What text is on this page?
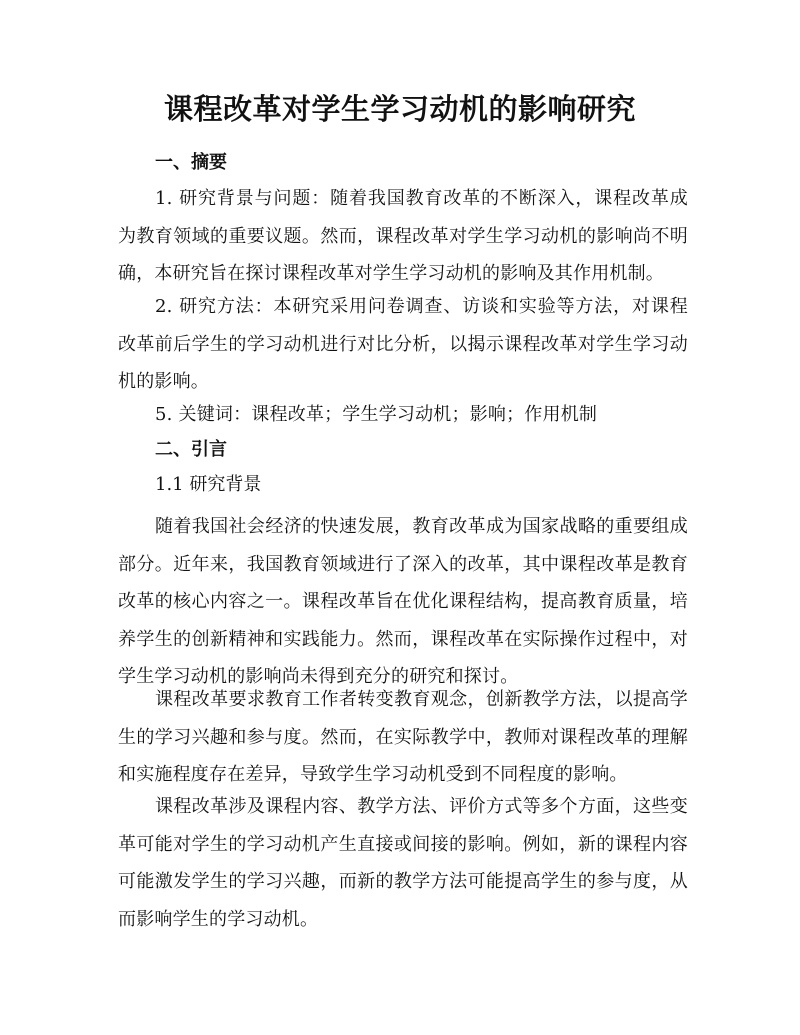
课程改革对学生学习动机的影响研究
一、摘要

1. 研究背景与问题：随着我国教育改革的不断深入，课程改革成为教育领域的重要议题。然而，课程改革对学生学习动机的影响尚不明确，本研究旨在探讨课程改革对学生学习动机的影响及其作用机制。

2. 研究方法：本研究采用问卷调查、访谈和实验等方法，对课程改革前后学生的学习动机进行对比分析，以揭示课程改革对学生学习动机的影响。

5. 关键词：课程改革；学生学习动机；影响；作用机制

二、引言

1.1 研究背景

随着我国社会经济的快速发展，教育改革成为国家战略的重要组成部分。近年来，我国教育领域进行了深入的改革，其中课程改革是教育改革的核心内容之一。课程改革旨在优化课程结构，提高教育质量，培养学生的创新精神和实践能力。然而，课程改革在实际操作过程中，对学生学习动机的影响尚未得到充分的研究和探讨。

课程改革要求教育工作者转变教育观念，创新教学方法，以提高学生的学习兴趣和参与度。然而，在实际教学中，教师对课程改革的理解和实施程度存在差异，导致学生学习动机受到不同程度的影响。

课程改革涉及课程内容、教学方法、评价方式等多个方面，这些变革可能对学生的学习动机产生直接或间接的影响。例如，新的课程内容可能激发学生的学习兴趣，而新的教学方法可能提高学生的参与度，从而影响学生的学习动机。
